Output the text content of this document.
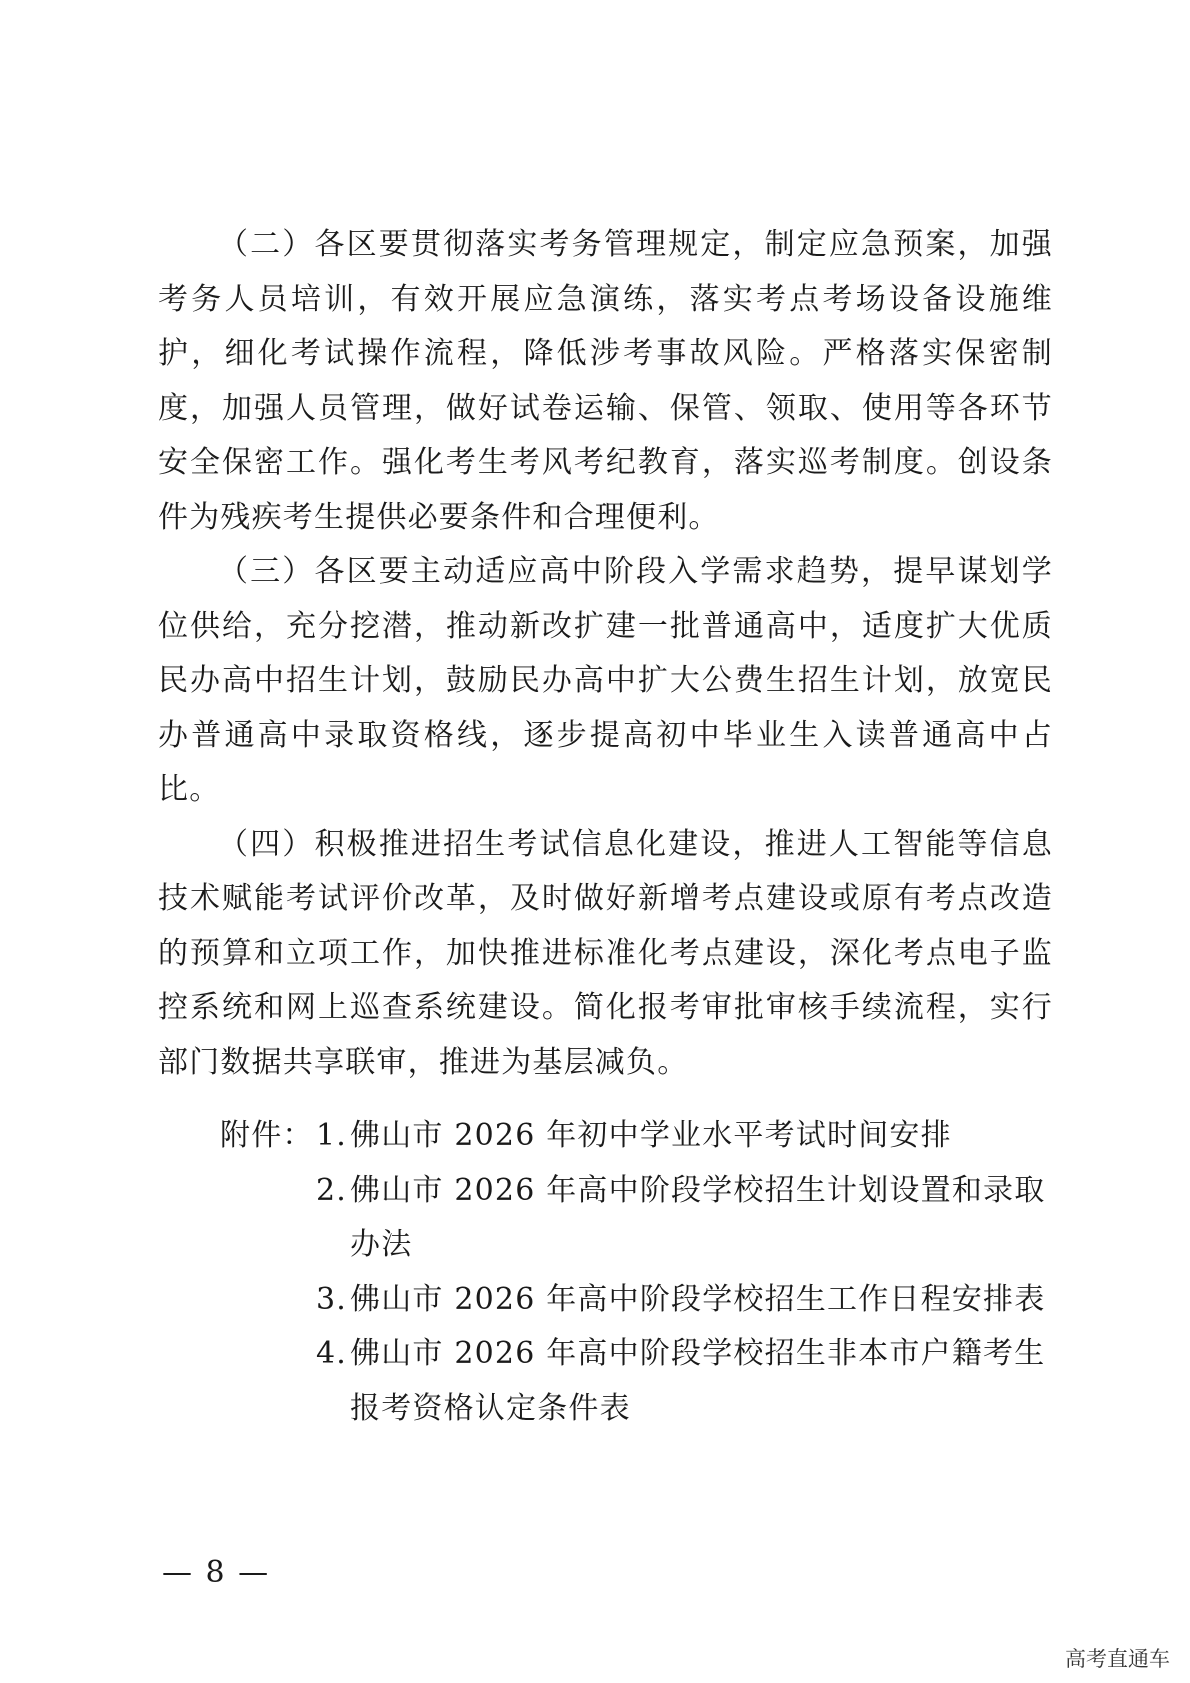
（二）各区要贯彻落实考务管理规定，制定应急预案，加强考务人员培训，有效开展应急演练，落实考点考场设备设施维护，细化考试操作流程，降低涉考事故风险。严格落实保密制度，加强人员管理，做好试卷运输、保管、领取、使用等各环节安全保密工作。强化考生考风考纪教育，落实巡考制度。创设条件为残疾考生提供必要条件和合理便利。

（三）各区要主动适应高中阶段入学需求趋势，提早谋划学位供给，充分挖潜，推动新改扩建一批普通高中，适度扩大优质民办高中招生计划，鼓励民办高中扩大公费生招生计划，放宽民办普通高中录取资格线，逐步提高初中毕业生入读普通高中占比。

（四）积极推进招生考试信息化建设，推进人工智能等信息技术赋能考试评价改革，及时做好新增考点建设或原有考点改造的预算和立项工作，加快推进标准化考点建设，深化考点电子监控系统和网上巡查系统建设。简化报考审批审核手续流程，实行部门数据共享联审，推进为基层减负。

附件： 1. 佛山市 2026 年初中学业水平考试时间安排
2. 佛山市 2026 年高中阶段学校招生计划设置和录取办法
3. 佛山市 2026 年高中阶段学校招生工作日程安排表
4. 佛山市 2026 年高中阶段学校招生非本市户籍考生报考资格认定条件表
— 8 —
高考直通车
